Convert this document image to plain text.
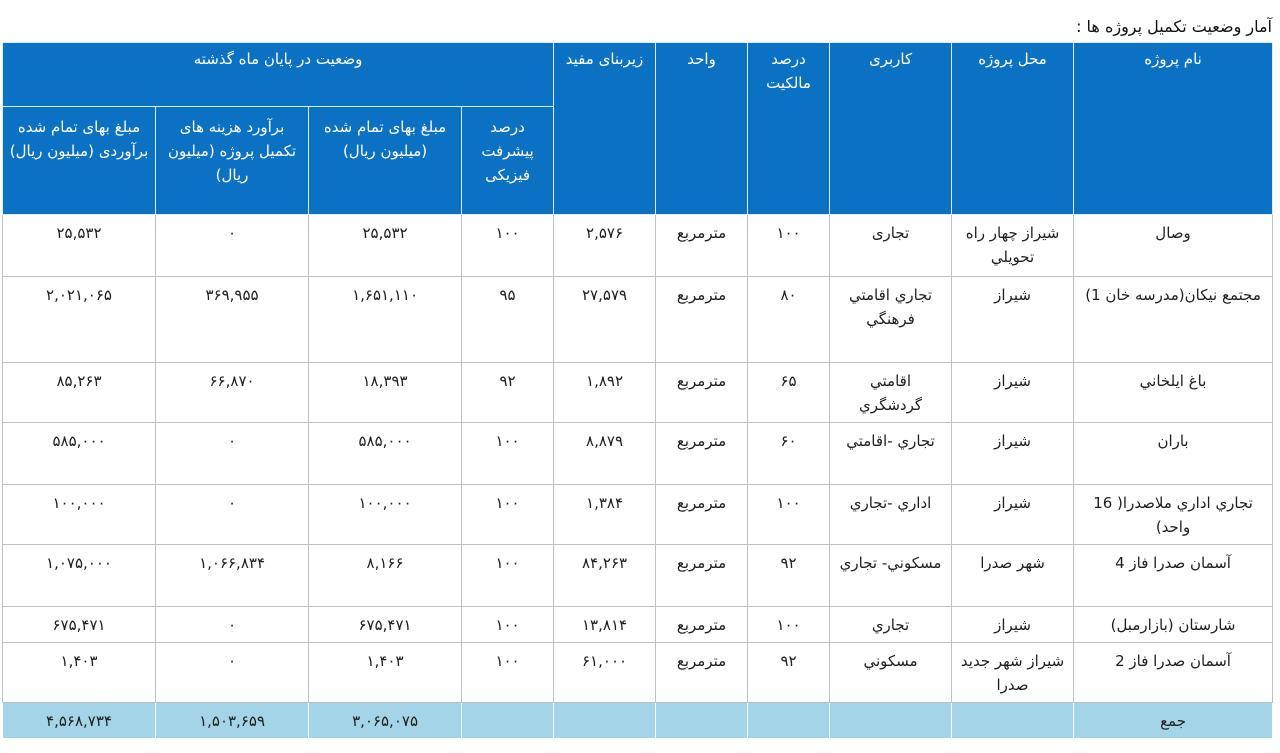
آمار وضعیت تکمیل پروژه ها :
نام پروژه	محل پروژه	کاربری	درصد مالکیت	واحد	زیربنای مفید	وضعیت در پایان ماه گذشته			
						درصد پیشرفت فیزیکی	مبلغ بهای تمام شده (میلیون ریال)	برآورد هزینه های تکمیل پروژه (میلیون ریال)	مبلغ بهای تمام شده برآوردی (میلیون ریال)
وصال	شیراز چهار راه تحویلي	تجاری	۱۰۰	مترمربع	۲,۵۷۶	۱۰۰	۲۵,۵۳۲	۰	۲۵,۵۳۲
مجتمع نیکان(مدرسه خان 1)	شیراز	تجاري اقامتي فرهنگي	۸۰	مترمربع	۲۷,۵۷۹	۹۵	۱,۶۵۱,۱۱۰	۳۶۹,۹۵۵	۲,۰۲۱,۰۶۵
باغ ایلخاني	شیراز	اقامتي گردشگري	۶۵	مترمربع	۱,۸۹۲	۹۲	۱۸,۳۹۳	۶۶,۸۷۰	۸۵,۲۶۳
باران	شیراز	تجاري -اقامتي	۶۰	مترمربع	۸,۸۷۹	۱۰۰	۵۸۵,۰۰۰	۰	۵۸۵,۰۰۰
تجاري اداري ملاصدرا( 16 واحد)	شیراز	اداري -تجاري	۱۰۰	مترمربع	۱,۳۸۴	۱۰۰	۱۰۰,۰۰۰	۰	۱۰۰,۰۰۰
آسمان صدرا فاز 4	شهر صدرا	مسکوني- تجاري	۹۲	مترمربع	۸۴,۲۶۳	۱۰۰	۸,۱۶۶	۱,۰۶۶,۸۳۴	۱,۰۷۵,۰۰۰
شارستان (بازارمبل)	شیراز	تجاري	۱۰۰	مترمربع	۱۳,۸۱۴	۱۰۰	۶۷۵,۴۷۱	۰	۶۷۵,۴۷۱
آسمان صدرا فاز 2	شیراز شهر جدید صدرا	مسکوني	۹۲	مترمربع	۶۱,۰۰۰	۱۰۰	۱,۴۰۳	۰	۱,۴۰۳
جمع							۳,۰۶۵,۰۷۵	۱,۵۰۳,۶۵۹	۴,۵۶۸,۷۳۴
